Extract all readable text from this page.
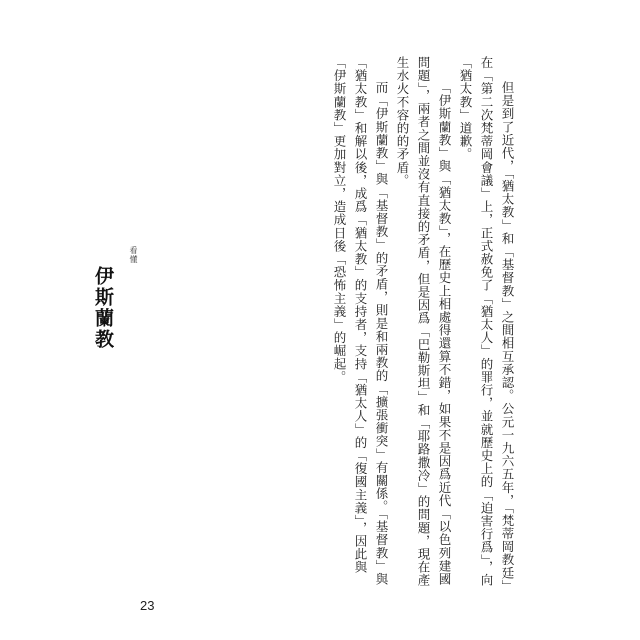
但是到了近代，「猶太教」和「基督教」之間相互承認。公元一九六五年，「梵蒂岡教廷」在「第二次梵蒂岡會議」上，正式赦免了「猶太人」的罪行，並就歷史上的「迫害行爲」，向「猶太教」道歉。

「伊斯蘭教」與「猶太教」，在歷史上相處得還算不錯，如果不是因爲近代「以色列建國問題」，兩者之間並沒有直接的矛盾，但是因爲「巴勒斯坦」和「耶路撒冷」的問題，現在產生水火不容的的矛盾。

而「伊斯蘭教」與「基督教」的矛盾，則是和兩教的「擴張衝突」有關係。「基督教」與「猶太教」和解以後，成爲「猶太教」的支持者，支持「猶太人」的「復國主義」，因此與「伊斯蘭教」更加對立，造成日後「恐怖主義」的崛起。

看懂
伊斯蘭教
23
